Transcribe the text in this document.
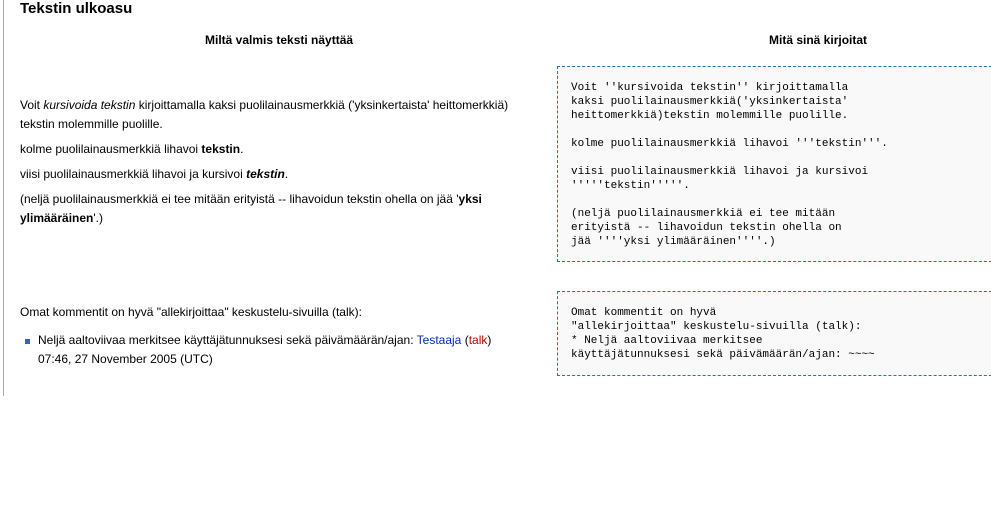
Tekstin ulkoasu
Miltä valmis teksti näyttää	Mitä sinä kirjoitat

Voit kursivoida tekstin kirjoittamalla kaksi puolilainausmerkkiä ('yksinkertaista' heittomerkkiä) tekstin molemmille puolille.

kolme puolilainausmerkkiä lihavoi tekstin.

viisi puolilainausmerkkiä lihavoi ja kursivoi tekstin.

(neljä puolilainausmerkkiä ei tee mitään erityistä -- lihavoidun tekstin ohella on jää 'yksi ylimääräinen'.)

Voit ''kursivoida tekstin'' kirjoittamalla
kaksi puolilainausmerkkiä('yksinkertaista'
heittomerkkiä)tekstin molemmille puolille.
kolme puolilainausmerkkiä lihavoi '''tekstin'''.
viisi puolilainausmerkkiä lihavoi ja kursivoi
'''''tekstin'''''.
(neljä puolilainausmerkkiä ei tee mitään
erityistä -- lihavoidun tekstin ohella on
jää ''''yksi ylimääräinen''''.)

Omat kommentit on hyvä "allekirjoittaa" keskustelu-sivuilla (talk):

Neljä aaltoviivaa merkitsee käyttäjätunnuksesi sekä päivämäärän/ajan: Testaaja (talk)
07:46, 27 November 2005 (UTC)
Omat kommentit on hyvä
"allekirjoittaa" keskustelu-sivuilla (talk):
* Neljä aaltoviivaa merkitsee
käyttäjätunnuksesi sekä päivämäärän/ajan: ~~~~
